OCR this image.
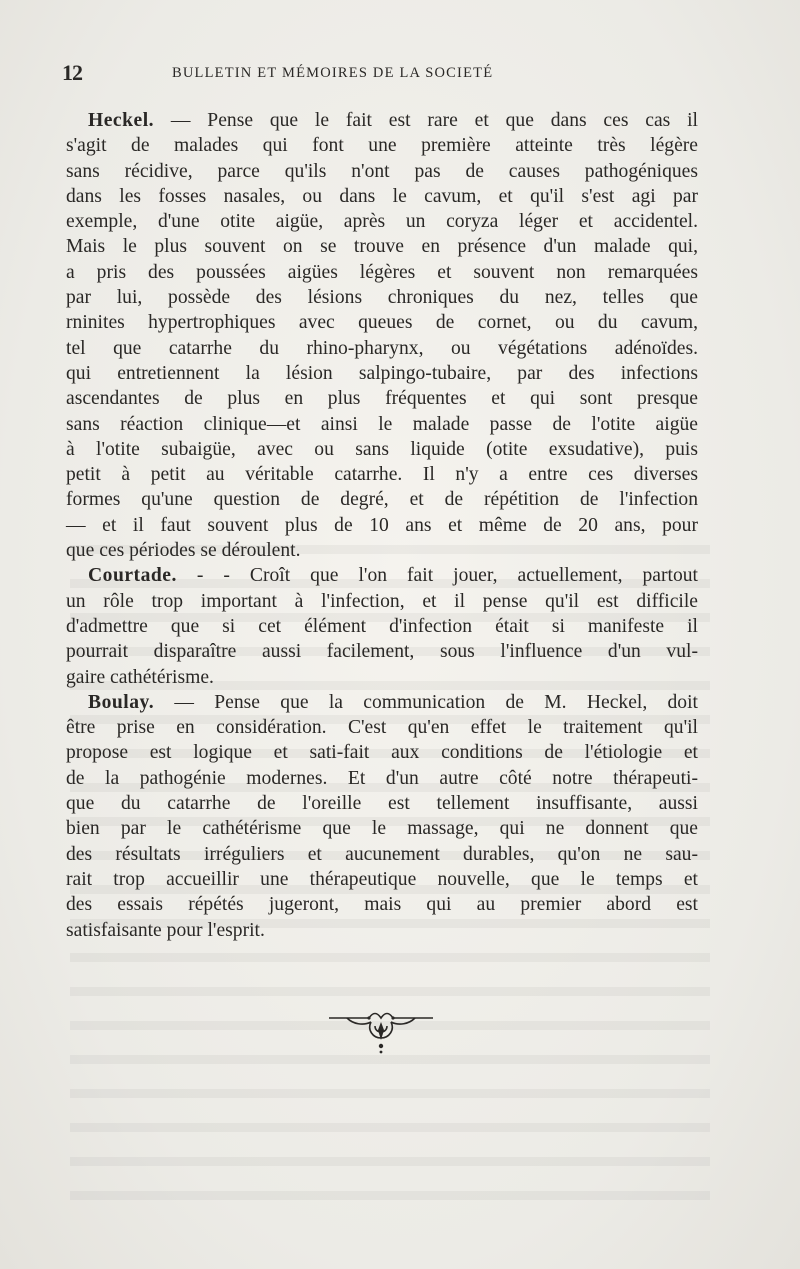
12	BULLETIN ET MÉMOIRES DE LA SOCIETÉ
Heckel. — Pense que le fait est rare et que dans ces cas il
s'agit de malades qui font une première atteinte très légère
sans récidive, parce qu'ils n'ont pas de causes pathogéniques
dans les fosses nasales, ou dans le cavum, et qu'il s'est agi par
exemple, d'une otite aigüe, après un coryza léger et accidentel.
Mais le plus souvent on se trouve en présence d'un malade qui,
a pris des poussées aigües légères et souvent non remarquées
par lui, possède des lésions chroniques du nez, telles que
rninites hypertrophiques avec queues de cornet, ou du cavum,
tel que catarrhe du rhino-pharynx, ou végétations adénoïdes.
qui entretiennent la lésion salpingo-tubaire, par des infections
ascendantes de plus en plus fréquentes et qui sont presque
sans réaction clinique—et ainsi le malade passe de l'otite aigüe
à l'otite subaigüe, avec ou sans liquide (otite exsudative), puis
petit à petit au véritable catarrhe. Il n'y a entre ces diverses
formes qu'une question de degré, et de répétition de l'infection
— et il faut souvent plus de 10 ans et même de 20 ans, pour
que ces périodes se déroulent.
Courtade. - - Croît que l'on fait jouer, actuellement, partout
un rôle trop important à l'infection, et il pense qu'il est difficile
d'admettre que si cet élément d'infection était si manifeste il
pourrait disparaître aussi facilement, sous l'influence d'un vul-
gaire cathétérisme.
Boulay. — Pense que la communication de M. Heckel, doit
être prise en considération. C'est qu'en effet le traitement qu'il
propose est logique et sati-fait aux conditions de l'étiologie et
de la pathogénie modernes. Et d'un autre côté notre thérapeuti-
que du catarrhe de l'oreille est tellement insuffisante, aussi
bien par le cathétérisme que le massage, qui ne donnent que
des résultats irréguliers et aucunement durables, qu'on ne sau-
rait trop accueillir une thérapeutique nouvelle, que le temps et
des essais répétés jugeront, mais qui au premier abord est
satisfaisante pour l'esprit.
